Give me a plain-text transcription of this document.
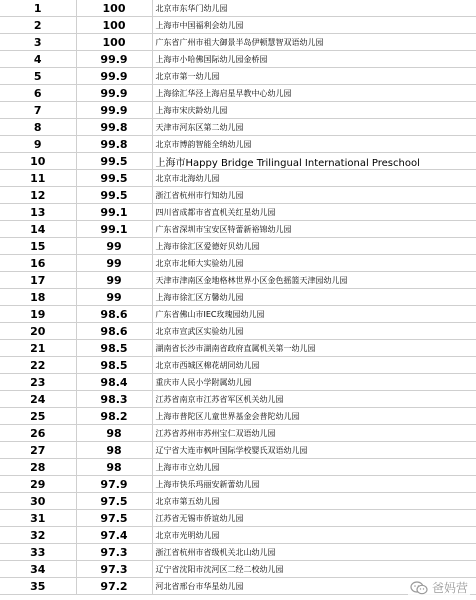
1	100	北京市东华门幼儿园
2	100	上海市中国福利会幼儿园
3	100	广东省广州市祖大御景半岛伊顿慧智双语幼儿园
4	99.9	上海市小哈佛国际幼儿园金桥园
5	99.9	北京市第一幼儿园
6	99.9	上海徐汇华泾上海启星早教中心幼儿园
7	99.9	上海市宋庆龄幼儿园
8	99.8	天津市河东区第二幼儿园
9	99.8	北京市博韵智能全纳幼儿园
10	99.5	上海市Happy Bridge Trilingual International Preschool
11	99.5	北京市北海幼儿园
12	99.5	浙江省杭州市行知幼儿园
13	99.1	四川省成都市省直机关红星幼儿园
14	99.1	广东省深圳市宝安区特蕾新裕锦幼儿园
15	99	上海市徐汇区爱德好贝幼儿园
16	99	北京市北师大实验幼儿园
17	99	天津市津南区金地格林世界小区金色摇篮天津园幼儿园
18	99	上海市徐汇区方馨幼儿园
19	98.6	广东省佛山市IEC玫瑰园幼儿园
20	98.6	北京市宣武区实验幼儿园
21	98.5	湖南省长沙市湖南省政府直属机关第一幼儿园
22	98.5	北京市西城区棉花胡同幼儿园
23	98.4	重庆市人民小学附属幼儿园
24	98.3	江苏省南京市江苏省军区机关幼儿园
25	98.2	上海市普陀区儿童世界基金会普陀幼儿园
26	98	江苏省苏州市苏州宝仁双语幼儿园
27	98	辽宁省大连市枫叶国际学校婴氏双语幼儿园
28	98	上海市市立幼儿园
29	97.9	上海市快乐玛丽安新蕾幼儿园
30	97.5	北京市第五幼儿园
31	97.5	江苏省无锡市侨谊幼儿园
32	97.4	北京市光明幼儿园
33	97.3	浙江省杭州市省级机关北山幼儿园
34	97.3	辽宁省沈阳市沈河区二经二校幼儿园
35	97.2	河北省邢台市华星幼儿园	爸妈营
